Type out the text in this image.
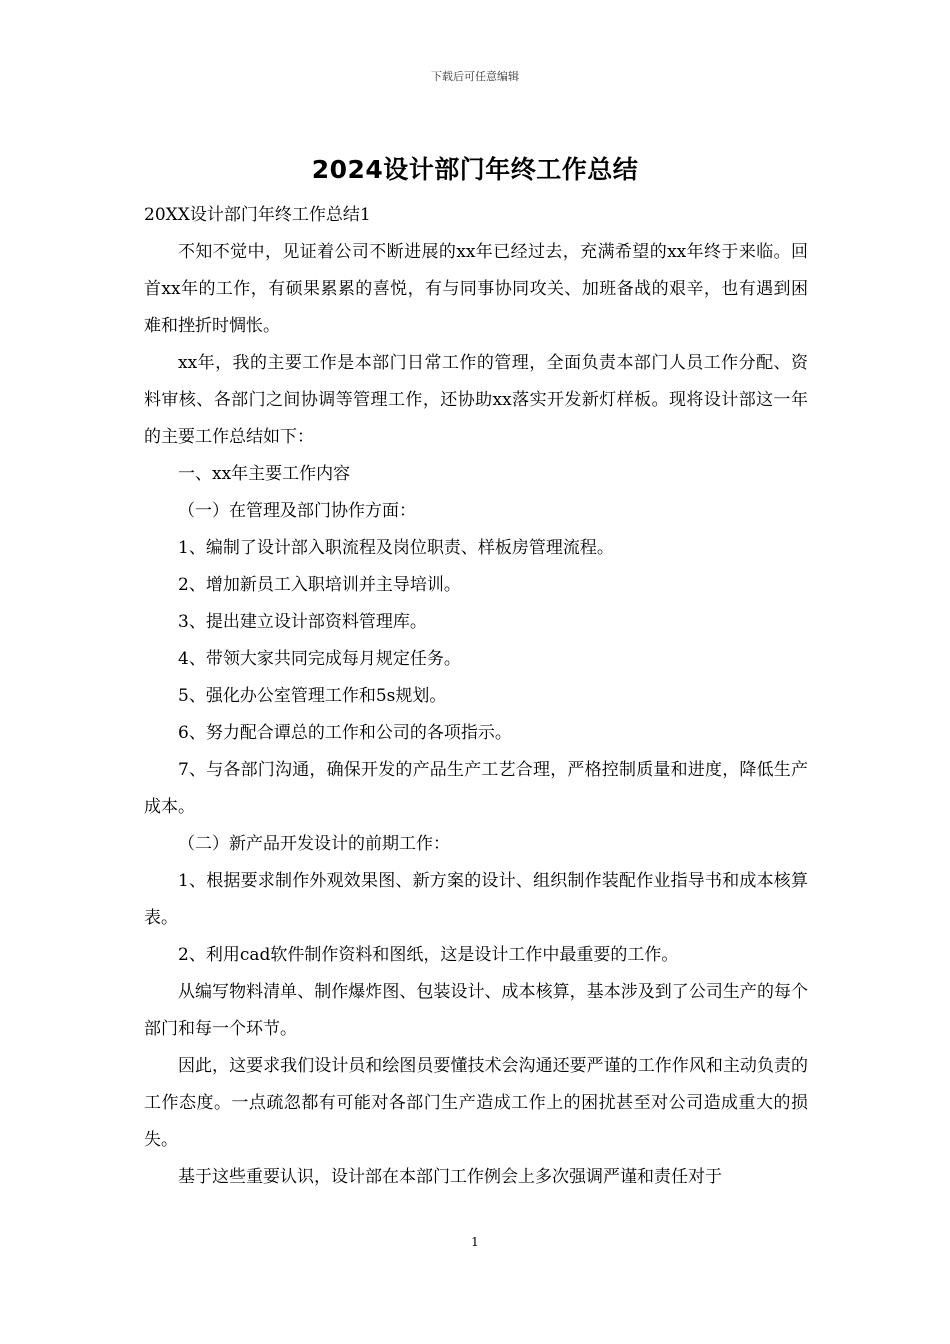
下载后可任意编辑
2024设计部门年终工作总结

20XX设计部门年终工作总结1

不知不觉中，见证着公司不断进展的xx年已经过去，充满希望的xx年终于来临。回首xx年的工作，有硕果累累的喜悦，有与同事协同攻关、加班备战的艰辛，也有遇到困难和挫折时惆怅。

xx年，我的主要工作是本部门日常工作的管理，全面负责本部门人员工作分配、资料审核、各部门之间协调等管理工作，还协助xx落实开发新灯样板。现将设计部这一年的主要工作总结如下：

一、xx年主要工作内容

（一）在管理及部门协作方面：

1、编制了设计部入职流程及岗位职责、样板房管理流程。

2、增加新员工入职培训并主导培训。

3、提出建立设计部资料管理库。

4、带领大家共同完成每月规定任务。

5、强化办公室管理工作和5s规划。

6、努力配合谭总的工作和公司的各项指示。

7、与各部门沟通，确保开发的产品生产工艺合理，严格控制质量和进度，降低生产成本。

（二）新产品开发设计的前期工作：

1、根据要求制作外观效果图、新方案的设计、组织制作装配作业指导书和成本核算表。

2、利用cad软件制作资料和图纸，这是设计工作中最重要的工作。

从编写物料清单、制作爆炸图、包装设计、成本核算，基本涉及到了公司生产的每个部门和每一个环节。

因此，这要求我们设计员和绘图员要懂技术会沟通还要严谨的工作作风和主动负责的工作态度。一点疏忽都有可能对各部门生产造成工作上的困扰甚至对公司造成重大的损失。

基于这些重要认识，设计部在本部门工作例会上多次强调严谨和责任对于

1
